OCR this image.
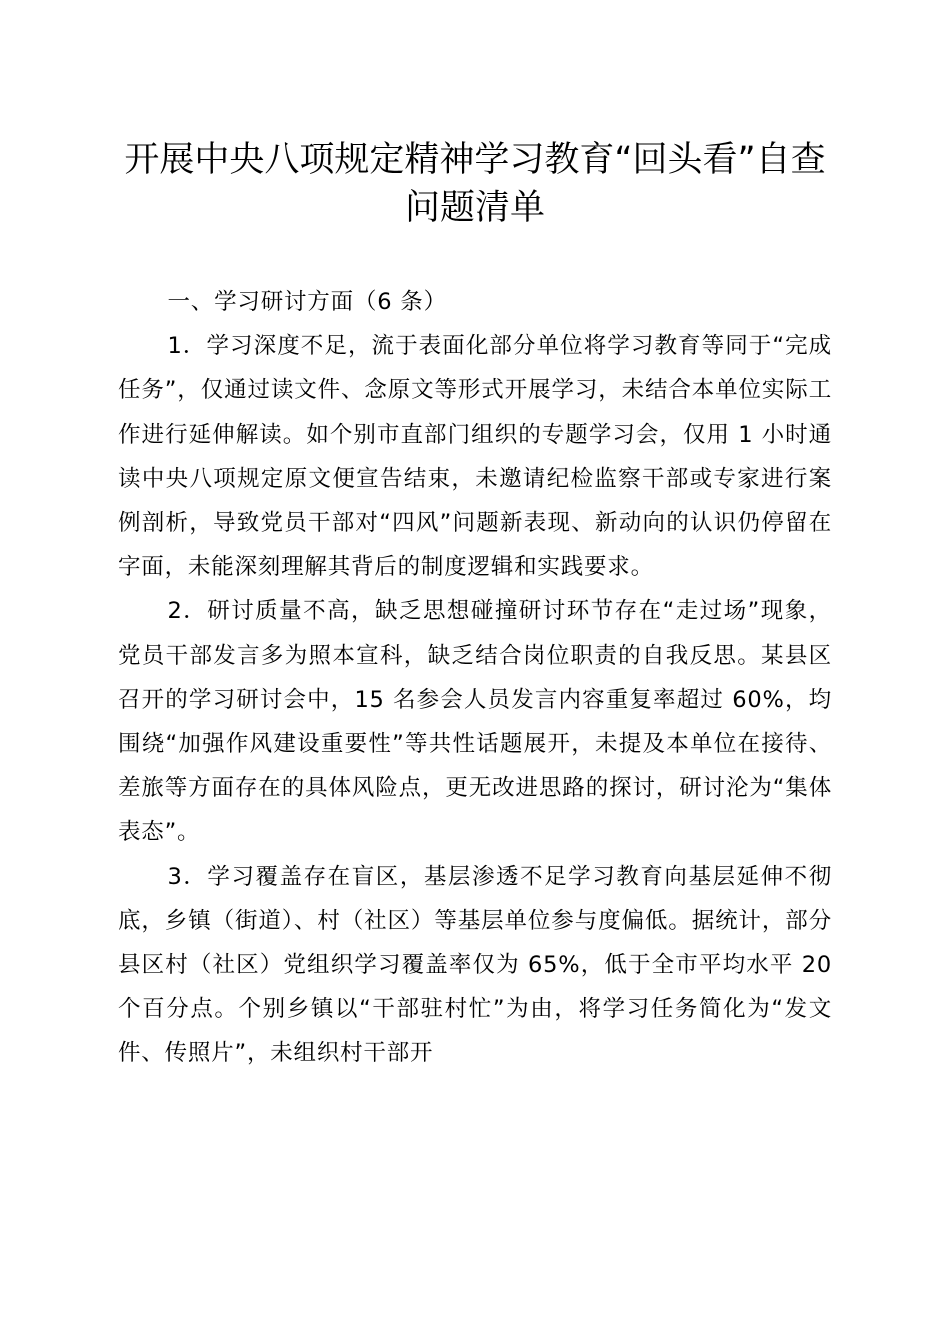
开展中央八项规定精神学习教育“回头看”自查问题清单

一、学习研讨方面（6 条）

1．学习深度不足，流于表面化部分单位将学习教育等同于“完成任务”，仅通过读文件、念原文等形式开展学习，未结合本单位实际工作进行延伸解读。如个别市直部门组织的专题学习会，仅用 1 小时通读中央八项规定原文便宣告结束，未邀请纪检监察干部或专家进行案例剖析，导致党员干部对“四风”问题新表现、新动向的认识仍停留在字面，未能深刻理解其背后的制度逻辑和实践要求。

2．研讨质量不高，缺乏思想碰撞研讨环节存在“走过场”现象，党员干部发言多为照本宣科，缺乏结合岗位职责的自我反思。某县区召开的学习研讨会中，15 名参会人员发言内容重复率超过 60%，均围绕“加强作风建设重要性”等共性话题展开，未提及本单位在接待、差旅等方面存在的具体风险点，更无改进思路的探讨，研讨沦为“集体表态”。

3．学习覆盖存在盲区，基层渗透不足学习教育向基层延伸不彻底，乡镇（街道）、村（社区）等基层单位参与度偏低。据统计，部分县区村（社区）党组织学习覆盖率仅为 65%，低于全市平均水平 20 个百分点。个别乡镇以“干部驻村忙”为由，将学习任务简化为“发文件、传照片”，未组织村干部开
